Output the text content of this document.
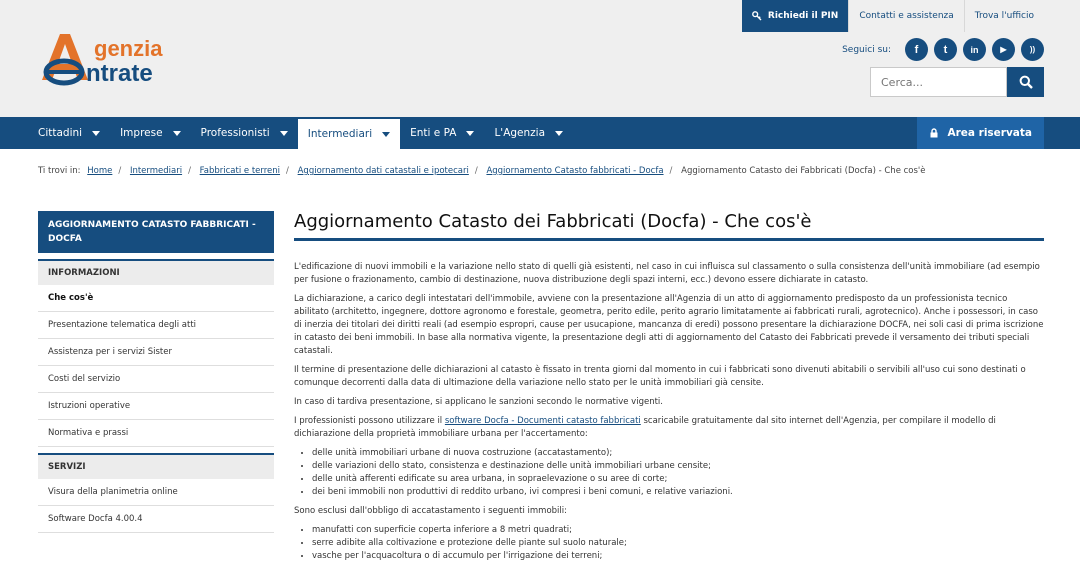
genzia
ntrate
Richiedi il PIN	Contatti e assistenza	Trova l'ufficio
Seguici su:	f	t	in	▶	))
Cerca...
Cittadini	Imprese	Professionisti	Intermediari	Enti e PA	L'Agenzia	Area riservata
Ti trovi in: Home / Intermediari / Fabbricati e terreni / Aggiornamento dati catastali e ipotecari / Aggiornamento Catasto fabbricati - Docfa / Aggiornamento Catasto dei Fabbricati (Docfa) - Che cos'è
AGGIORNAMENTO CATASTO FABBRICATI - DOCFA
INFORMAZIONI
Che cos'è
Presentazione telematica degli atti
Assistenza per i servizi Sister
Costi del servizio
Istruzioni operative
Normativa e prassi
SERVIZI
Visura della planimetria online
Software Docfa 4.00.4
Aggiornamento Catasto dei Fabbricati (Docfa) - Che cos'è

L'edificazione di nuovi immobili e la variazione nello stato di quelli già esistenti, nel caso in cui influisca sul classamento o sulla consistenza dell'unità immobiliare (ad esempio per fusione o frazionamento, cambio di destinazione, nuova distribuzione degli spazi interni, ecc.) devono essere dichiarate in catasto.

La dichiarazione, a carico degli intestatari dell'immobile, avviene con la presentazione all'Agenzia di un atto di aggiornamento predisposto da un professionista tecnico abilitato (architetto, ingegnere, dottore agronomo e forestale, geometra, perito edile, perito agrario limitatamente ai fabbricati rurali, agrotecnico). Anche i possessori, in caso di inerzia dei titolari dei diritti reali (ad esempio espropri, cause per usucapione, mancanza di eredi) possono presentare la dichiarazione DOCFA, nei soli casi di prima iscrizione in catasto dei beni immobili. In base alla normativa vigente, la presentazione degli atti di aggiornamento del Catasto dei Fabbricati prevede il versamento dei tributi speciali catastali.

Il termine di presentazione delle dichiarazioni al catasto è fissato in trenta giorni dal momento in cui i fabbricati sono divenuti abitabili o servibili all'uso cui sono destinati o comunque decorrenti dalla data di ultimazione della variazione nello stato per le unità immobiliari già censite.

In caso di tardiva presentazione, si applicano le sanzioni secondo le normative vigenti.

I professionisti possono utilizzare il software Docfa - Documenti catasto fabbricati scaricabile gratuitamente dal sito internet dell'Agenzia, per compilare il modello di dichiarazione della proprietà immobiliare urbana per l'accertamento:

• delle unità immobiliari urbane di nuova costruzione (accatastamento);
• delle variazioni dello stato, consistenza e destinazione delle unità immobiliari urbane censite;
• delle unità afferenti edificate su area urbana, in sopraelevazione o su aree di corte;
• dei beni immobili non produttivi di reddito urbano, ivi compresi i beni comuni, e relative variazioni.

Sono esclusi dall'obbligo di accatastamento i seguenti immobili:

• manufatti con superficie coperta inferiore a 8 metri quadrati;
• serre adibite alla coltivazione e protezione delle piante sul suolo naturale;
• vasche per l'acquacoltura o di accumulo per l'irrigazione dei terreni;
